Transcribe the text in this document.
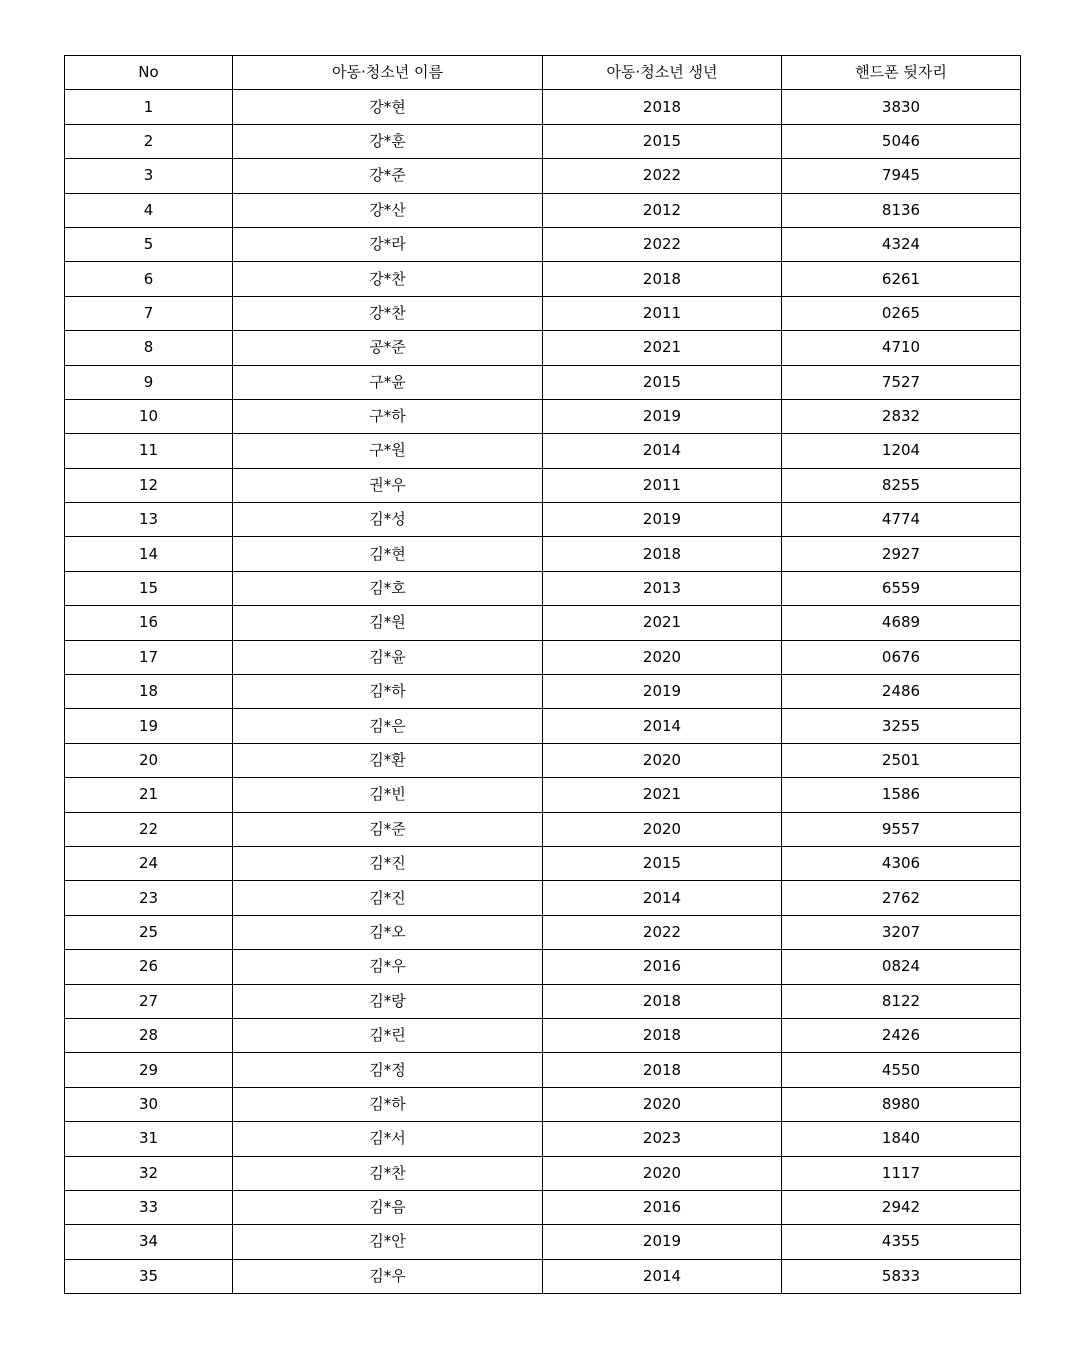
No	아동·청소년 이름	아동·청소년 생년	핸드폰 뒷자리
1	강*현	2018	3830
2	강*훈	2015	5046
3	강*준	2022	7945
4	강*산	2012	8136
5	강*라	2022	4324
6	강*찬	2018	6261
7	강*찬	2011	0265
8	공*준	2021	4710
9	구*윤	2015	7527
10	구*하	2019	2832
11	구*원	2014	1204
12	권*우	2011	8255
13	김*성	2019	4774
14	김*현	2018	2927
15	김*호	2013	6559
16	김*원	2021	4689
17	김*윤	2020	0676
18	김*하	2019	2486
19	김*은	2014	3255
20	김*환	2020	2501
21	김*빈	2021	1586
22	김*준	2020	9557
24	김*진	2015	4306
23	김*진	2014	2762
25	김*오	2022	3207
26	김*우	2016	0824
27	김*랑	2018	8122
28	김*린	2018	2426
29	김*정	2018	4550
30	김*하	2020	8980
31	김*서	2023	1840
32	김*찬	2020	1117
33	김*음	2016	2942
34	김*안	2019	4355
35	김*우	2014	5833
